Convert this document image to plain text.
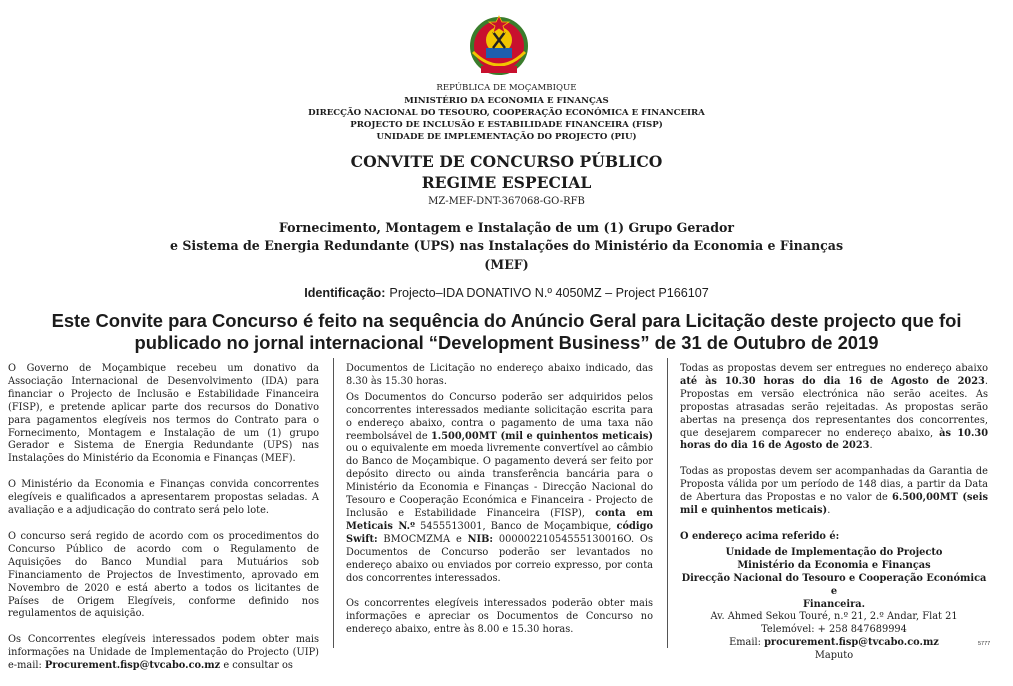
REPÚBLICA DE MOÇAMBIQUE
MINISTÉRIO DA ECONOMIA E FINANÇAS
DIRECÇÃO NACIONAL DO TESOURO, COOPERAÇÃO ECONÓMICA E FINANCEIRA
PROJECTO DE INCLUSÃO E ESTABILIDADE FINANCEIRA (FISP)
UNIDADE DE IMPLEMENTAÇÃO DO PROJECTO (PIU)
CONVITE DE CONCURSO PÚBLICO
REGIME ESPECIAL
MZ-MEF-DNT-367068-GO-RFB
Fornecimento, Montagem e Instalação de um (1) Grupo Gerador
e Sistema de Energia Redundante (UPS) nas Instalações do Ministério da Economia e Finanças
(MEF)
Identificação: Projecto–IDA DONATIVO N.º 4050MZ – Project P166107
Este Convite para Concurso é feito na sequência do Anúncio Geral para Licitação deste projecto que foi
publicado no jornal internacional “Development Business” de 31 de Outubro de 2019

O Governo de Moçambique recebeu um donativo da Associação Internacional de Desenvolvimento (IDA) para financiar o Projecto de Inclusão e Estabilidade Financeira (FISP), e pretende aplicar parte dos recursos do Donativo para pagamentos elegíveis nos termos do Contrato para o Fornecimento, Montagem e Instalação de um (1) grupo Gerador e Sistema de Energia Redundante (UPS) nas Instalações do Ministério da Economia e Finanças (MEF).

O Ministério da Economia e Finanças convida concorrentes elegíveis e qualificados a apresentarem propostas seladas. A avaliação e a adjudicação do contrato será pelo lote.

O concurso será regido de acordo com os procedimentos do Concurso Público de acordo com o Regulamento de Aquisições do Banco Mundial para Mutuários sob Financiamento de Projectos de Investimento, aprovado em Novembro de 2020 e está aberto a todos os licitantes de Países de Origem Elegíveis, conforme definido nos regulamentos de aquisição.

Os Concorrentes elegíveis interessados podem obter mais informações na Unidade de Implementação do Projecto (UIP) e-mail: Procurement.fisp@tvcabo.co.mz e consultar os

Documentos de Licitação no endereço abaixo indicado, das 8.30 às 15.30 horas.

Os Documentos do Concurso poderão ser adquiridos pelos concorrentes interessados mediante solicitação escrita para o endereço abaixo, contra o pagamento de uma taxa não reembolsável de 1.500,00MT (mil e quinhentos meticais) ou o equivalente em moeda livremente convertível ao câmbio do Banco de Moçambique. O pagamento deverá ser feito por depósito directo ou ainda transferência bancária para o Ministério da Economia e Finanças - Direcção Nacional do Tesouro e Cooperação Económica e Financeira - Projecto de Inclusão e Estabilidade Financeira (FISP), conta em Meticais N.º 5455513001, Banco de Moçambique, código Swift: BMOCMZMA e NIB: 00000221054555130016O. Os Documentos de Concurso poderão ser levantados no endereço abaixo ou enviados por correio expresso, por conta dos concorrentes interessados.

Os concorrentes elegíveis interessados poderão obter mais informações e apreciar os Documentos de Concurso no endereço abaixo, entre às 8.00 e 15.30 horas.

Todas as propostas devem ser entregues no endereço abaixo até às 10.30 horas do dia 16 de Agosto de 2023. Propostas em versão electrónica não serão aceites. As propostas atrasadas serão rejeitadas. As propostas serão abertas na presença dos representantes dos concorrentes, que desejarem comparecer no endereço abaixo, às 10.30 horas do dia 16 de Agosto de 2023.

Todas as propostas devem ser acompanhadas da Garantia de Proposta válida por um período de 148 dias, a partir da Data de Abertura das Propostas e no valor de 6.500,00MT (seis mil e quinhentos meticais).

O endereço acima referido é:

Unidade de Implementação do Projecto
Ministério da Economia e Finanças
Direcção Nacional do Tesouro e Cooperação Económica e
Financeira.
Av. Ahmed Sekou Touré, n.º 21, 2.º Andar, Flat 21
Telemóvel: + 258 847689994
Email: procurement.fisp@tvcabo.co.mz
Maputo
5777
